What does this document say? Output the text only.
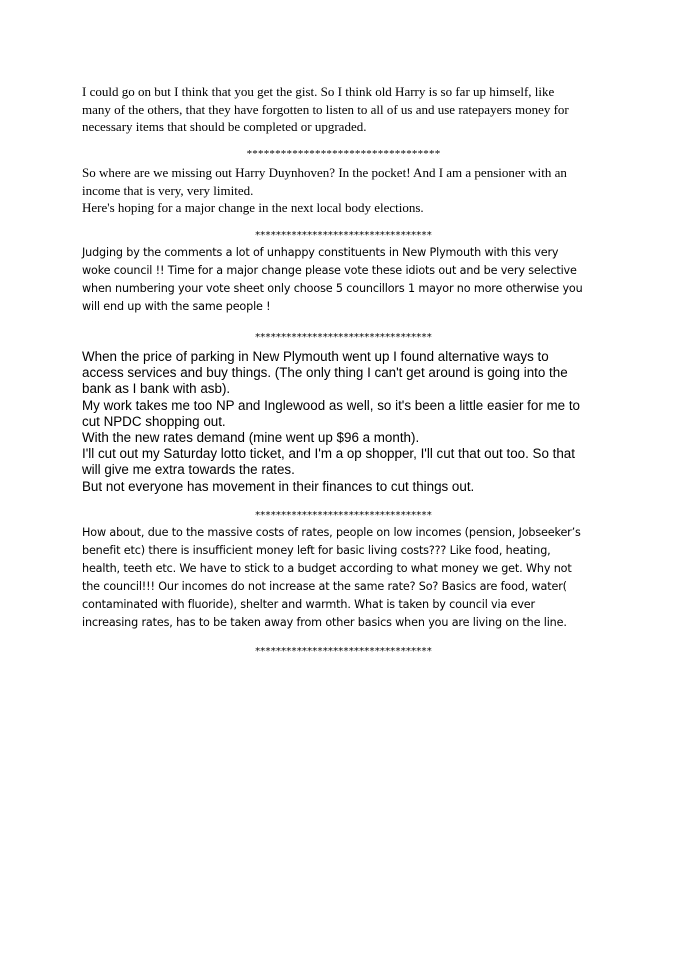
I could go on but I think that you get the gist. So I think old Harry is so far up himself, like
many of the others, that they have forgotten to listen to all of us and use ratepayers money for
necessary items that should be completed or upgraded.
**********************************
So where are we missing out Harry Duynhoven? In the pocket! And I am a pensioner with an
income that is very, very limited.
Here's hoping for a major change in the next local body elections.
**********************************
Judging by the comments a lot of unhappy constituents in New Plymouth with this very
woke council !! Time for a major change please vote these idiots out and be very selective
when numbering your vote sheet only choose 5 councillors 1 mayor no more otherwise you
will end up with the same people !
**********************************
When the price of parking in New Plymouth went up I found alternative ways to
access services and buy things. (The only thing I can't get around is going into the
bank as I bank with asb).
My work takes me too NP and Inglewood as well, so it's been a little easier for me to
cut NPDC shopping out.
With the new rates demand (mine went up $96 a month).
I'll cut out my Saturday lotto ticket, and I'm a op shopper, I'll cut that out too. So that
will give me extra towards the rates.
But not everyone has movement in their finances to cut things out.
**********************************
How about, due to the massive costs of rates, people on low incomes (pension, Jobseeker’s
benefit etc) there is insufficient money left for basic living costs??? Like food, heating,
health, teeth etc. We have to stick to a budget according to what money we get. Why not
the council!!! Our incomes do not increase at the same rate? So? Basics are food, water(
contaminated with fluoride), shelter and warmth. What is taken by council via ever
increasing rates, has to be taken away from other basics when you are living on the line.
**********************************
